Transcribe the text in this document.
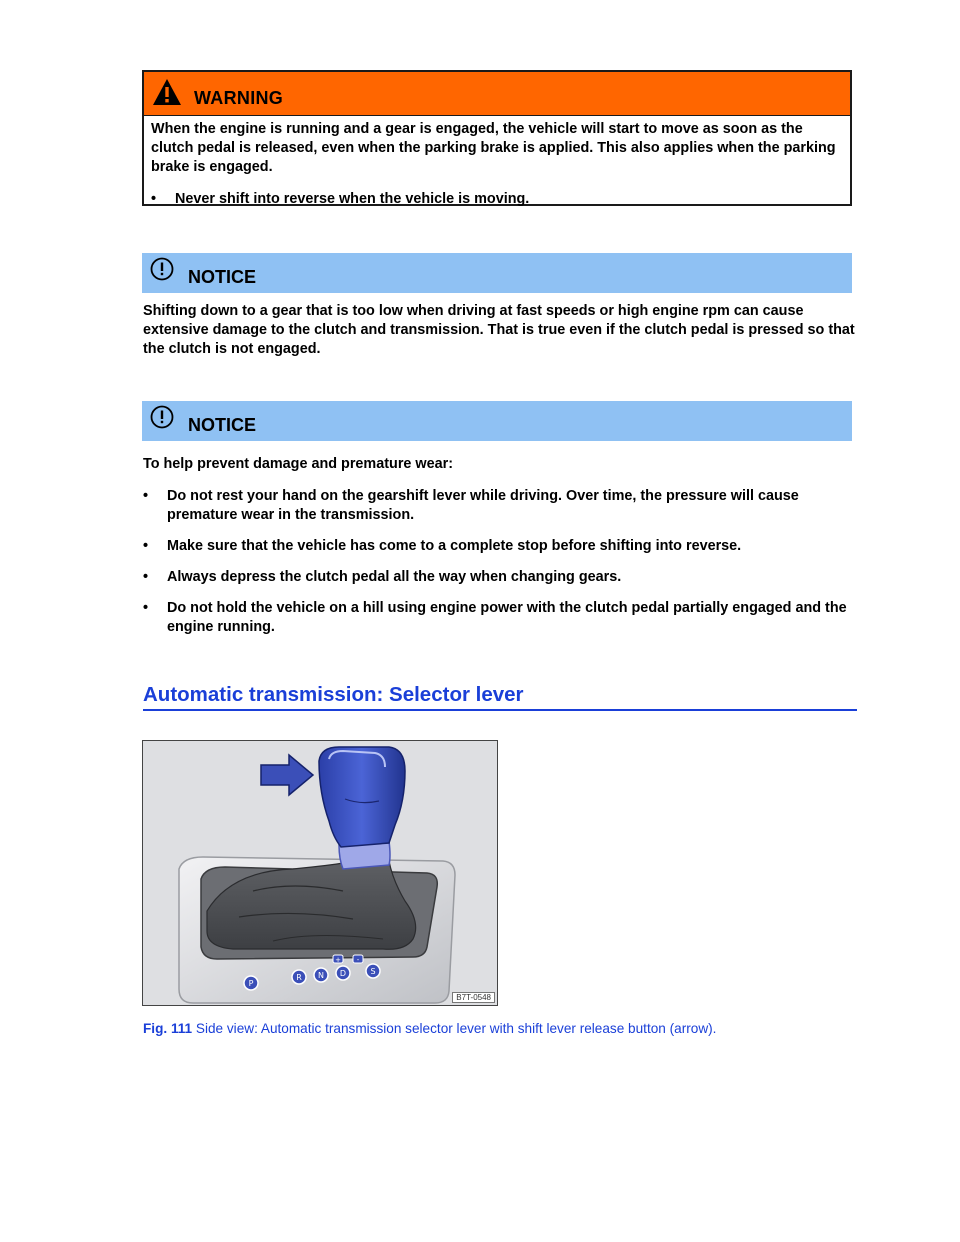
WARNING

When the engine is running and a gear is engaged, the vehicle will start to move as soon as the clutch pedal is released, even when the parking brake is applied. This also applies when the parking brake is engaged.

•	Never shift into reverse when the vehicle is moving.
NOTICE

Shifting down to a gear that is too low when driving at fast speeds or high engine rpm can cause extensive damage to the clutch and transmission. That is true even if the clutch pedal is pressed so that the clutch is not engaged.

NOTICE

To help prevent damage and premature wear:

•	Do not rest your hand on the gearshift lever while driving. Over time, the pressure will cause premature wear in the transmission.
•	Make sure that the vehicle has come to a complete stop before shifting into reverse.
•	Always depress the clutch pedal all the way when changing gears.
•	Do not hold the vehicle on a hill using engine power with the clutch pedal partially engaged and the engine running.
Automatic transmission: Selector lever
P
R N D	S
+ -
B7T-0548
Fig. 111 Side view: Automatic transmission selector lever with shift lever release button (arrow).
